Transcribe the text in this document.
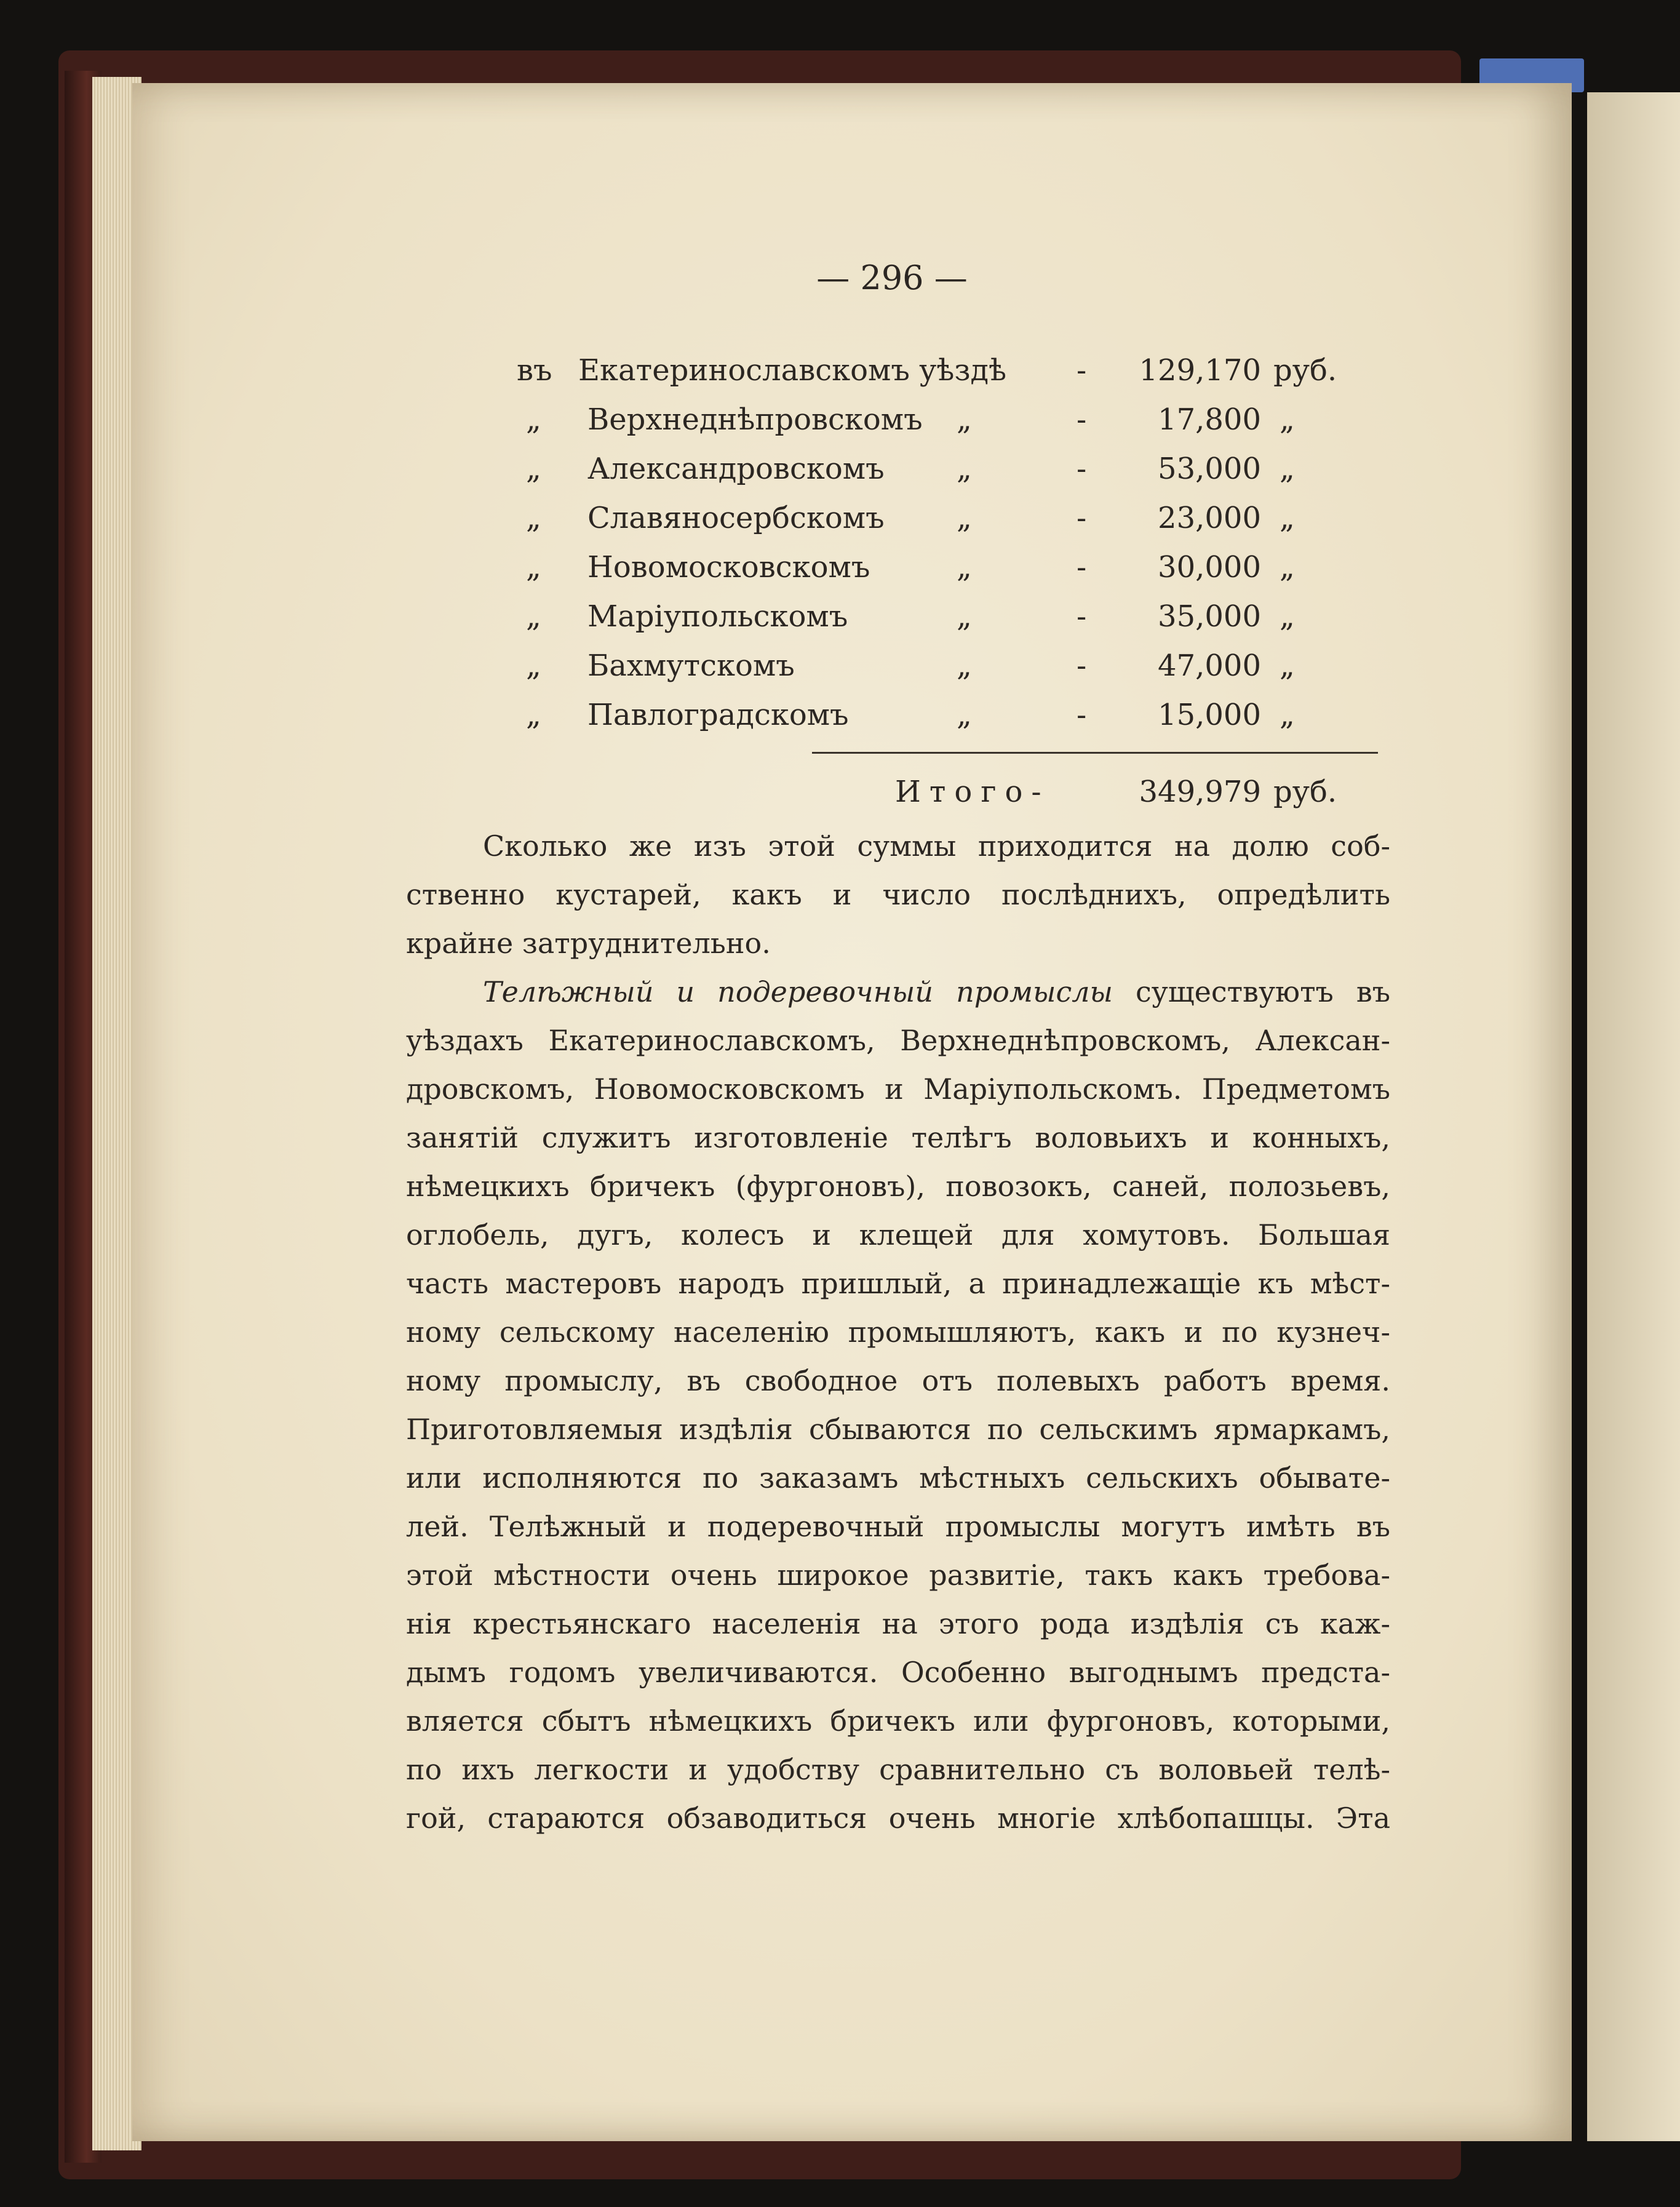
— 296 —
въ Екатеринославскомъ уѣздѣ -	129,170 руб.
„ Верхнеднѣпровскомъ „	-	17,800 „
„ Александровскомъ „	-	53,000 „
„ Славяносербскомъ „	-	23,000 „
„ Новомосковскомъ	„	-	30,000 „
„ Маріупольскомъ	„	-	35,000 „
„ Бахмутскомъ	„	-	47,000 „
„ Павлоградскомъ	„	-	15,000 „
Итого-	349,979 руб.
Сколько же изъ этой суммы приходится на долю соб-
ственно кустарей, какъ и число послѣднихъ, опредѣлить
крайне затруднительно.
Телѣжный и подеревочный промыслы существуютъ въ
уѣздахъ Екатеринославскомъ, Верхнеднѣпровскомъ, Алексан-
дровскомъ, Новомосковскомъ и Маріупольскомъ. Предметомъ
занятій служитъ изготовленіе телѣгъ воловьихъ и конныхъ,
нѣмецкихъ бричекъ (фургоновъ), повозокъ, саней, полозьевъ,
оглобель, дугъ, колесъ и клещей для хомутовъ. Большая
часть мастеровъ народъ пришлый, а принадлежащіе къ мѣст-
ному сельскому населенію промышляютъ, какъ и по кузнеч-
ному промыслу, въ свободное отъ полевыхъ работъ время.
Приготовляемыя издѣлія сбываются по сельскимъ ярмаркамъ,
или исполняются по заказамъ мѣстныхъ сельскихъ обывате-
лей. Телѣжный и подеревочный промыслы могутъ имѣть въ
этой мѣстности очень широкое развитіе, такъ какъ требова-
нія крестьянскаго населенія на этого рода издѣлія съ каж-
дымъ годомъ увеличиваются. Особенно выгоднымъ предста-
вляется сбытъ нѣмецкихъ бричекъ или фургоновъ, которыми,
по ихъ легкости и удобству сравнительно съ воловьей телѣ-
гой, стараются обзаводиться очень многіе хлѣбопашцы. Эта
